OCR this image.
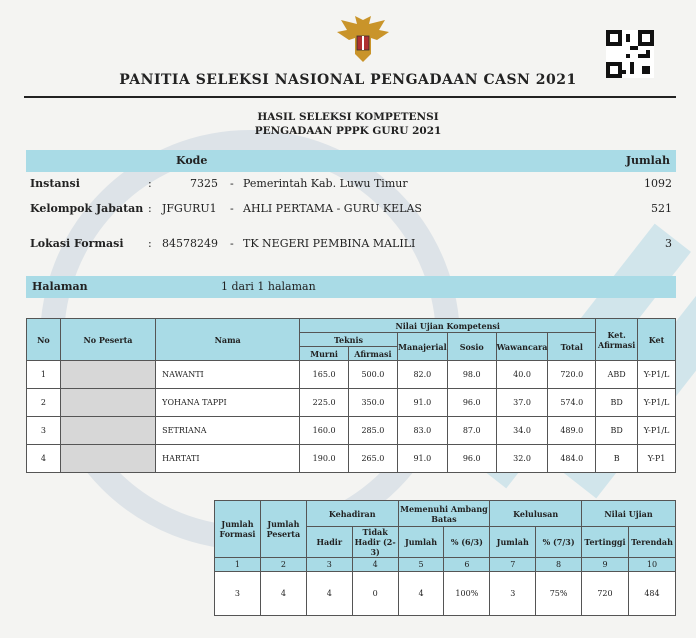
PANITIA SELEKSI NASIONAL PENGADAAN CASN 2021
HASIL SELEKSI KOMPETENSI
PENGADAAN PPPK GURU 2021
Kode	Jumlah
Instansi	:	7325 - Pemerintah Kab. Luwu Timur	1092
Kelompok Jabatan : JFGURU1 - AHLI PERTAMA - GURU KELAS	521
Lokasi Formasi : 84578249 - TK NEGERI PEMBINA MALILI	3
Halaman	1 dari 1 halaman
No	No Peserta	Nama	Nilai Ujian Kompetensi						Ket. Afirmasi	Ket
			Teknis		Manajerial	Sosio	Wawancara	Total		
			Murni	Afirmasi						
1		NAWANTI	165.0	500.0	82.0	98.0	40.0	720.0	ABD	Y-P1/L
2		YOHANA TAPPI	225.0	350.0	91.0	96.0	37.0	574.0	BD	Y-P1/L
3		SETRIANA	160.0	285.0	83.0	87.0	34.0	489.0	BD	Y-P1/L
4		HARTATI	190.0	265.0	91.0	96.0	32.0	484.0	B	Y-P1
Jumlah Formasi	Jumlah Peserta	Kehadiran		Memenuhi Ambang Batas		Kelulusan		Nilai Ujian	
		Hadir	Tidak Hadir (2-3)	Jumlah	% (6/3)	Jumlah	% (7/3)	Tertinggi	Terendah
1	2	3	4	5	6	7	8	9	10
3	4	4	0	4	100%	3	75%	720	484
